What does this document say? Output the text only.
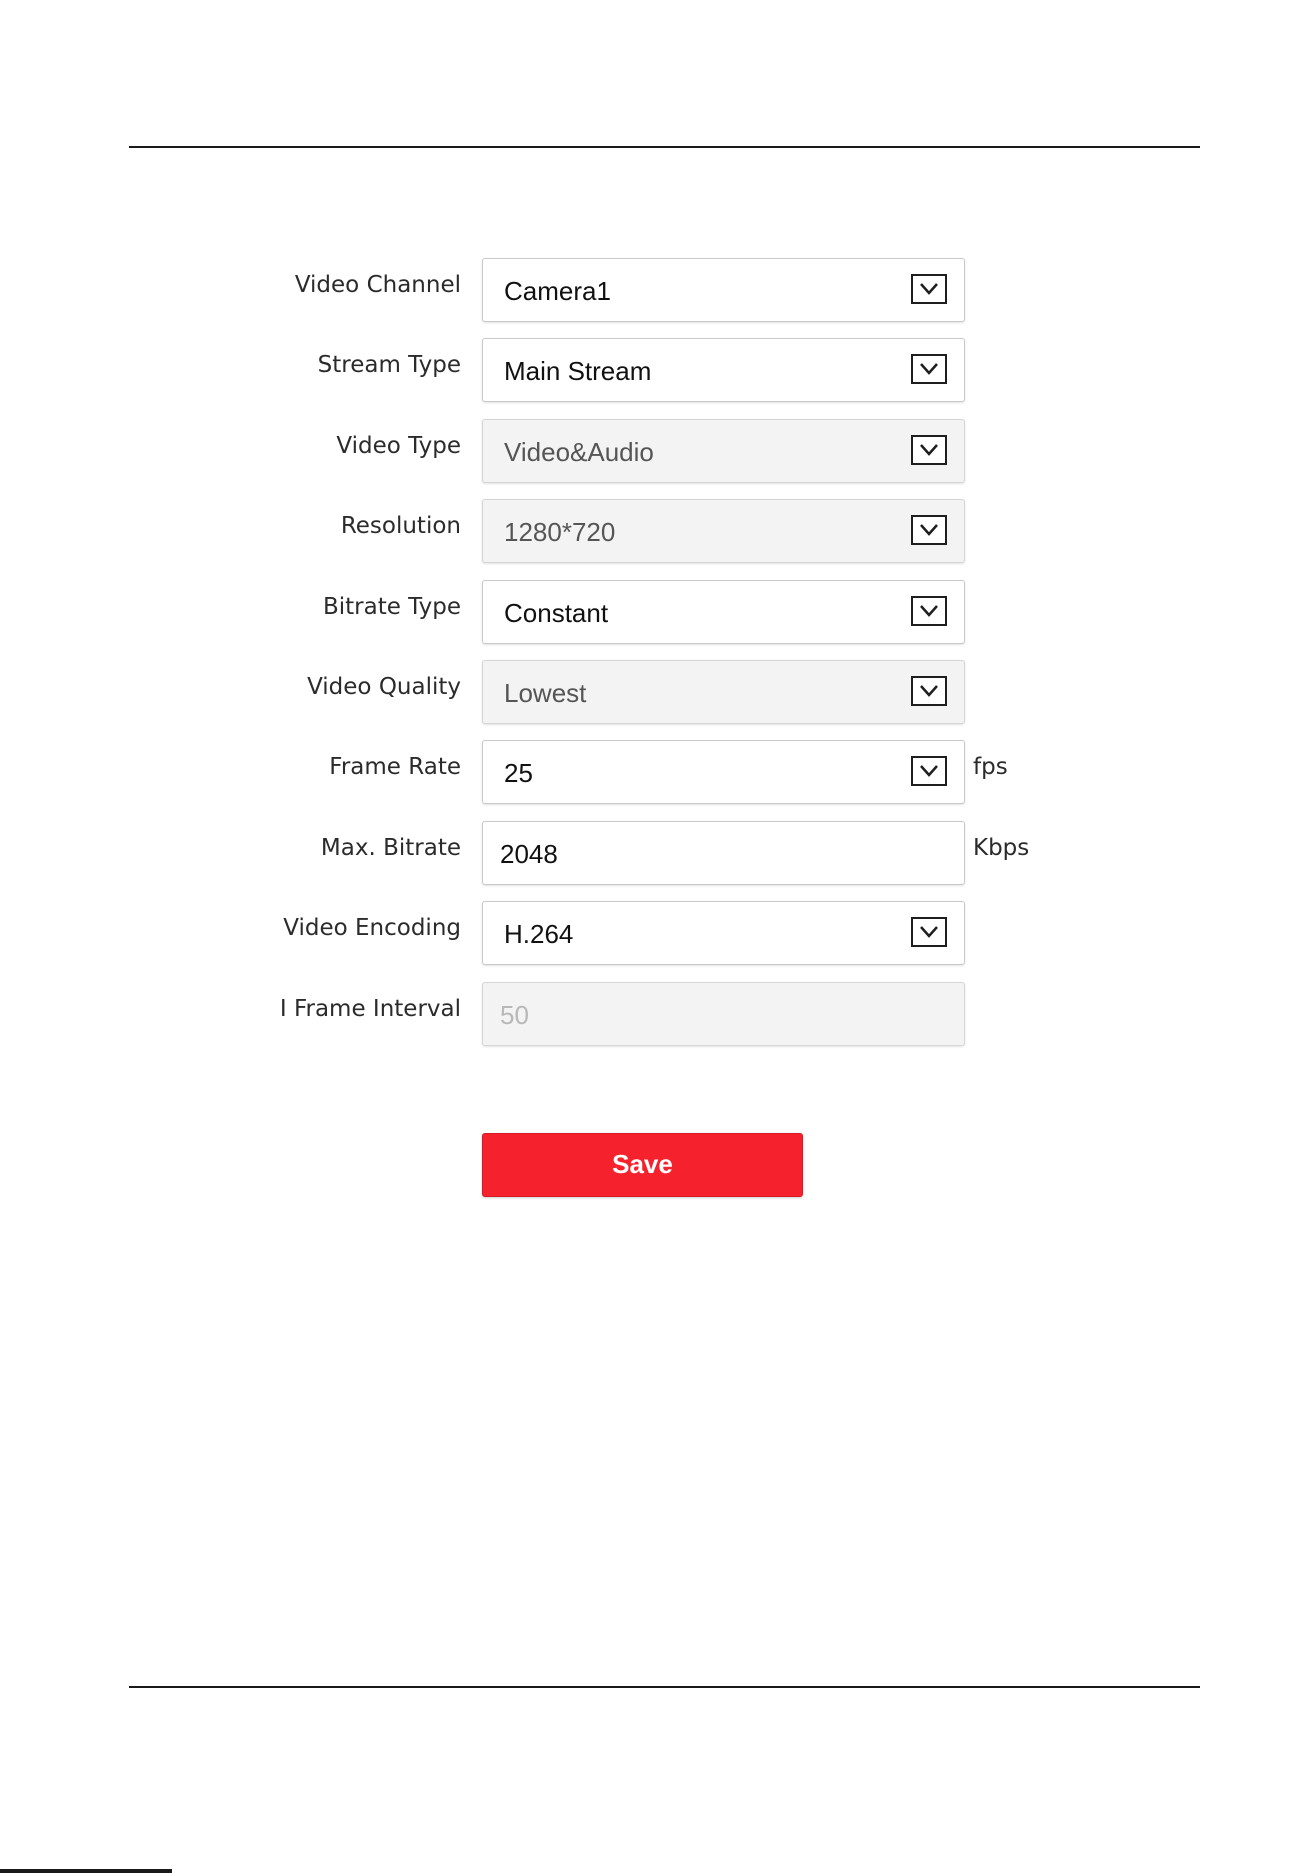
Video Channel Camera1
Stream Type Main Stream
Video Type Video&Audio
Resolution 1280*720
Bitrate Type Constant
Video Quality Lowest
Frame Rate 25	fps
Max. Bitrate 2048	Kbps
Video Encoding H.264
I Frame Interval 50
Save
